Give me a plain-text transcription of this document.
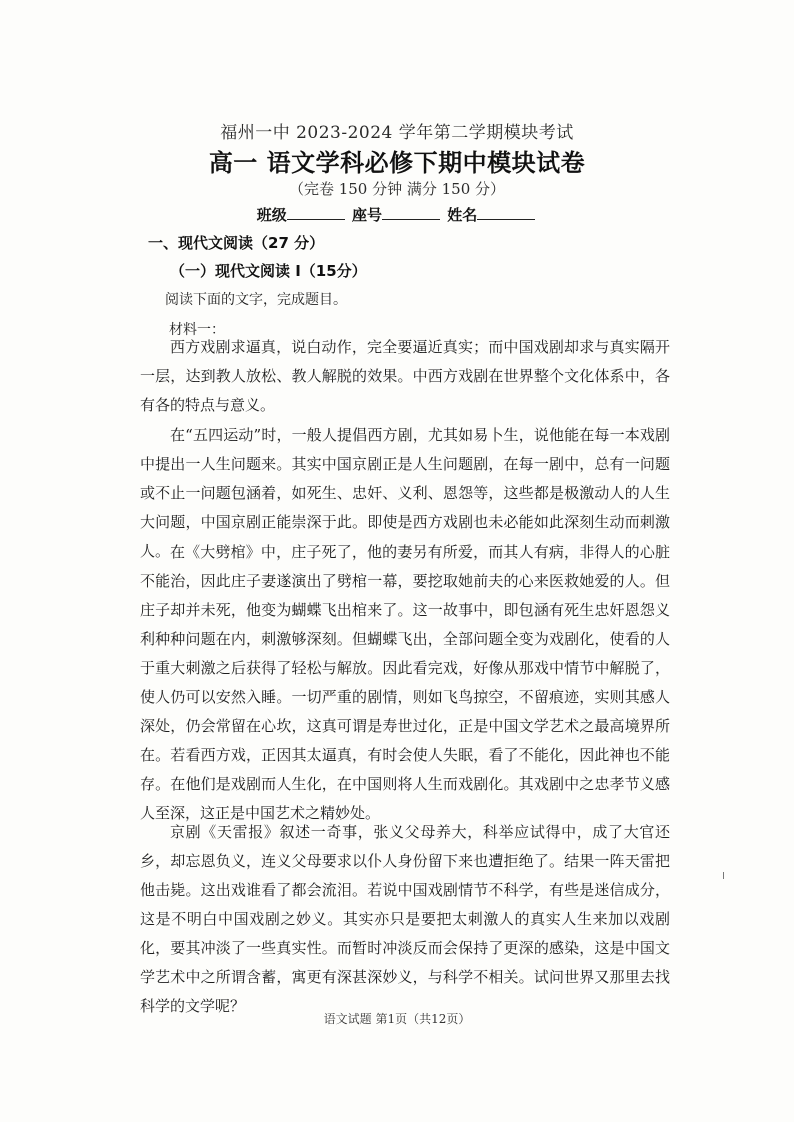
福州一中 2023-2024 学年第二学期模块考试
高一 语文学科必修下期中模块试卷
（完卷 150 分钟 满分 150 分）
班级	座号	姓名
一、现代文阅读（27 分）
（一）现代文阅读 Ⅰ（15分）
阅读下面的文字，完成题目。
材料一：

西方戏剧求逼真，说白动作，完全要逼近真实；而中国戏剧却求与真实隔开一层，达到教人放松、教人解脱的效果。中西方戏剧在世界整个文化体系中，各有各的特点与意义。

在“五四运动”时，一般人提倡西方剧，尤其如易卜生，说他能在每一本戏剧中提出一人生问题来。其实中国京剧正是人生问题剧，在每一剧中，总有一问题或不止一问题包涵着，如死生、忠奸、义利、恩怨等，这些都是极激动人的人生大问题，中国京剧正能崇深于此。即使是西方戏剧也未必能如此深刻生动而刺激人。 在《大劈棺》中，庄子死了，他的妻另有所爱，而其人有病，非得人的心脏不能治，因此庄子妻遂演出了劈棺一幕，要挖取她前夫的心来医救她爱的人。但庄子却并未死，他变为蝴蝶飞出棺来了。这一故事中，即包涵有死生忠奸恩怨义利种种问题在内，刺激够深刻。但蝴蝶飞出，全部问题全变为戏剧化，使看的人于重大刺激之后获得了轻松与解放。因此看完戏，好像从那戏中情节中解脱了，使人仍可以安然入睡。一切严重的剧情，则如飞鸟掠空，不留痕迹，实则其感人深处，仍会常留在心坎，这真可谓是寿世过化，正是中国文学艺术之最高境界所在。若看西方戏，正因其太逼真，有时会使人失眠，看了不能化，因此神也不能存。在他们是戏剧而人生化，在中国则将人生而戏剧化。其戏剧中之忠孝节义感人至深，这正是中国艺术之精妙处。

京剧《天雷报》叙述一奇事，张义父母养大，科举应试得中，成了大官还乡，却忘恩负义，连义父母要求以仆人身份留下来也遭拒绝了。结果一阵天雷把他击毙。这出戏谁看了都会流泪。若说中国戏剧情节不科学，有些是迷信成分，这是不明白中国戏剧之妙义。其实亦只是要把太刺激人的真实人生来加以戏剧化，要其冲淡了一些真实性。而暂时冲淡反而会保持了更深的感染，这是中国文学艺术中之所谓含蓄，寓更有深甚深妙义，与科学不相关。试问世界又那里去找科学的文学呢？

语文试题 第1页（共12页）
